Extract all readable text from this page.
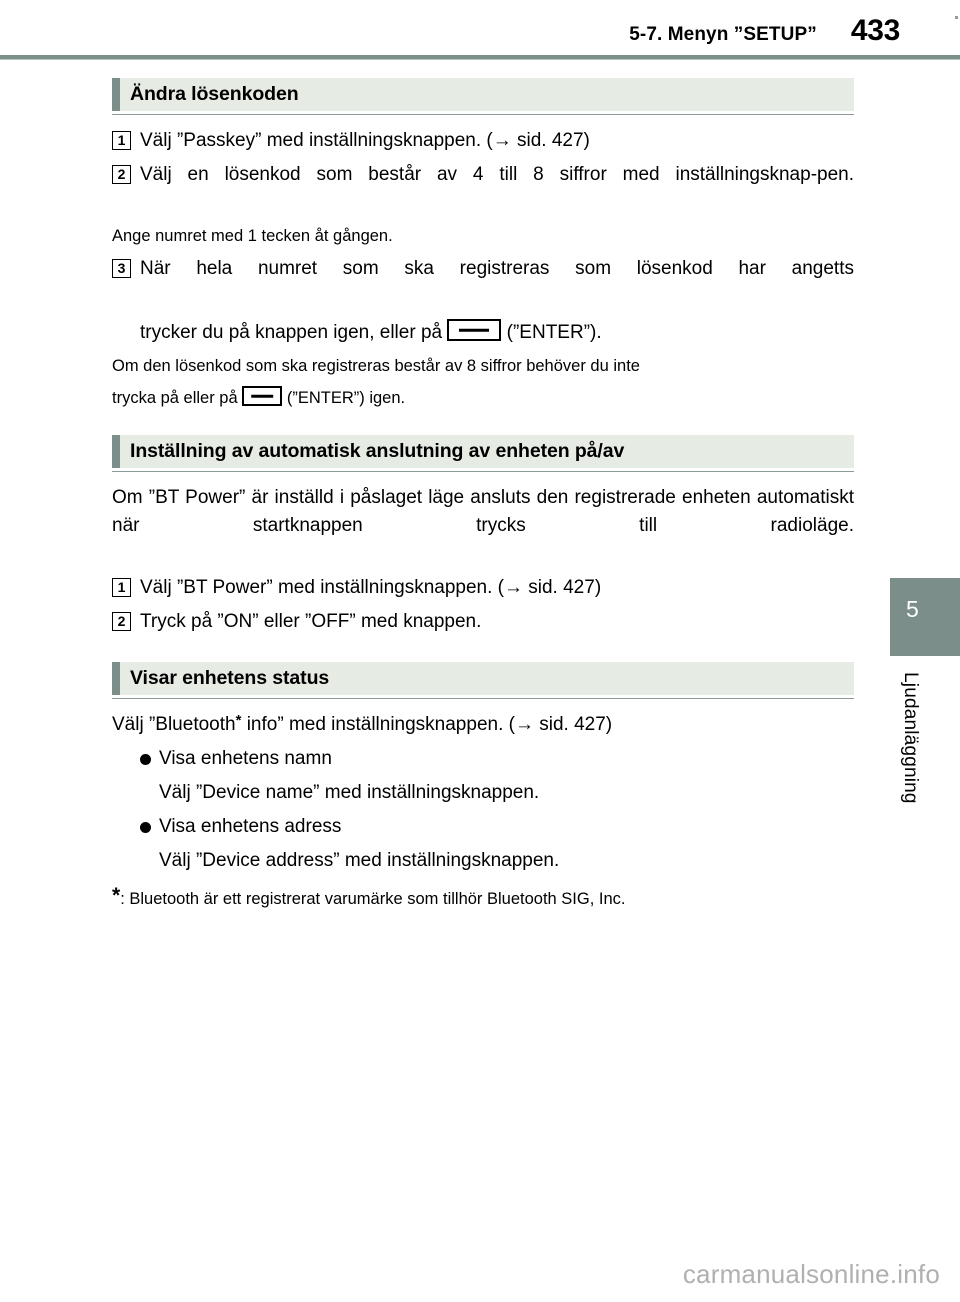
5-7. Menyn ”SETUP” 433
Ändra lösenkoden
1 Välj ”Passkey” med inställningsknappen. (→ sid. 427)
2 Välj en lösenkod som består av 4 till 8 siffror med inställningsknap-pen.

Ange numret med 1 tecken åt gången.

3 När hela numret som ska registreras som lösenkod har angetts
trycker du på knappen igen, eller på	(”ENTER”).

Om den lösenkod som ska registreras består av 8 siffror behöver du inte

trycka på eller på	(”ENTER”) igen.

Inställning av automatisk anslutning av enheten på/av

Om ”BT Power” är inställd i påslaget läge ansluts den registrerade enheten automatiskt när startknappen trycks till radioläge.

1 Välj ”BT Power” med inställningsknappen. (→ sid. 427)
2 Tryck på ”ON” eller ”OFF” med knappen.
Visar enhetens status

Välj ”Bluetooth* info” med inställningsknappen. (→ sid. 427)

Visa enhetens namn

Välj ”Device name” med inställningsknappen.

Visa enhetens adress

Välj ”Device address” med inställningsknappen.

*: Bluetooth är ett registrerat varumärke som tillhör Bluetooth SIG, Inc.

5
Ljudanläggning
carmanualsonline.info
